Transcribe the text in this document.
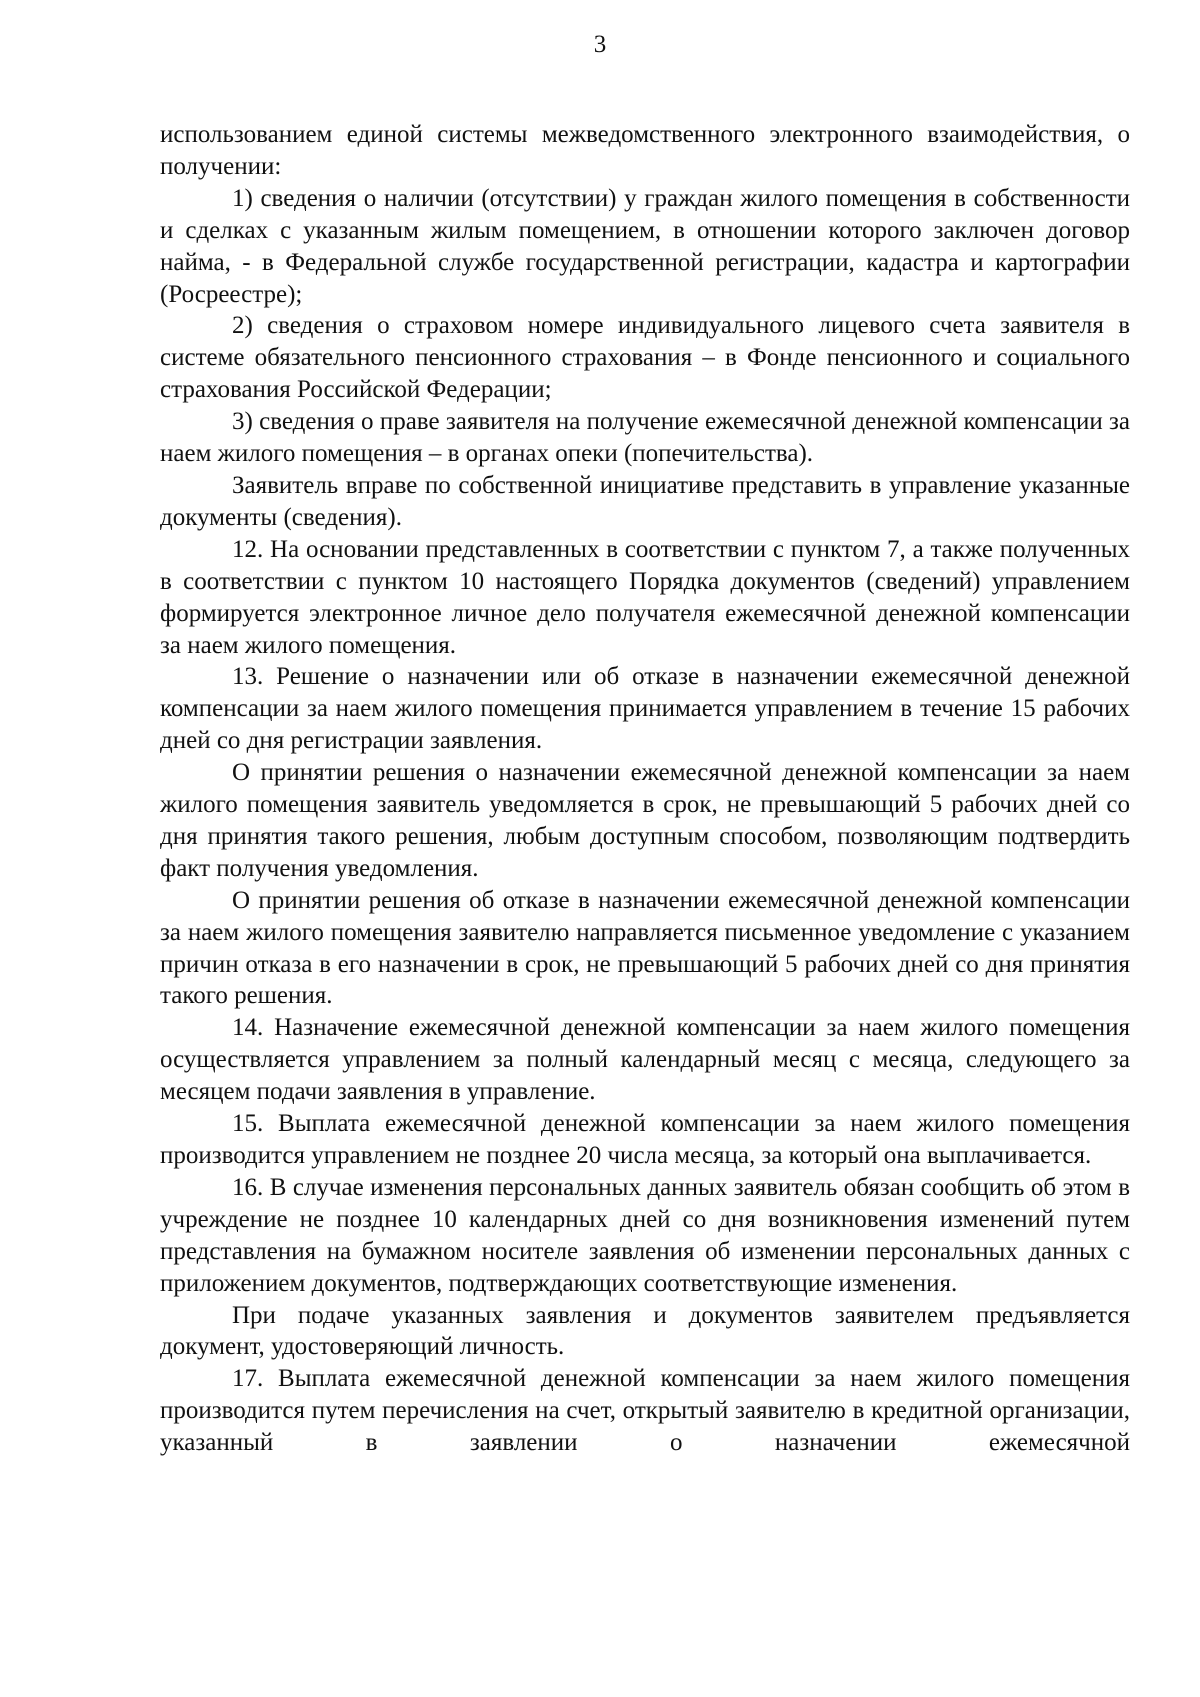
3

использованием единой системы межведомственного электронного взаимодействия, о получении:

1) сведения о наличии (отсутствии) у граждан жилого помещения в собственности и сделках с указанным жилым помещением, в отношении которого заключен договор найма, - в Федеральной службе государственной регистрации, кадастра и картографии (Росреестре);

2) сведения о страховом номере индивидуального лицевого счета заявителя в системе обязательного пенсионного страхования – в Фонде пенсионного и социального страхования Российской Федерации;

3) сведения о праве заявителя на получение ежемесячной денежной компенсации за наем жилого помещения – в органах опеки (попечительства).

Заявитель вправе по собственной инициативе представить в управление указанные документы (сведения).

12. На основании представленных в соответствии с пунктом 7, а также полученных в соответствии с пунктом 10 настоящего Порядка документов (сведений) управлением формируется электронное личное дело получателя ежемесячной денежной компенсации за наем жилого помещения.

13. Решение о назначении или об отказе в назначении ежемесячной денежной компенсации за наем жилого помещения принимается управлением в течение 15 рабочих дней со дня регистрации заявления.

О принятии решения о назначении ежемесячной денежной компенсации за наем жилого помещения заявитель уведомляется в срок, не превышающий 5 рабочих дней со дня принятия такого решения, любым доступным способом, позволяющим подтвердить факт получения уведомления.

О принятии решения об отказе в назначении ежемесячной денежной компенсации за наем жилого помещения заявителю направляется письменное уведомление с указанием причин отказа в его назначении в срок, не превышающий 5 рабочих дней со дня принятия такого решения.

14. Назначение ежемесячной денежной компенсации за наем жилого помещения осуществляется управлением за полный календарный месяц с месяца, следующего за месяцем подачи заявления в управление.

15. Выплата ежемесячной денежной компенсации за наем жилого помещения производится управлением не позднее 20 числа месяца, за который она выплачивается.

16. В случае изменения персональных данных заявитель обязан сообщить об этом в учреждение не позднее 10 календарных дней со дня возникновения изменений путем представления на бумажном носителе заявления об изменении персональных данных с приложением документов, подтверждающих соответствующие изменения.

При подаче указанных заявления и документов заявителем предъявляется документ, удостоверяющий личность.

17. Выплата ежемесячной денежной компенсации за наем жилого помещения производится путем перечисления на счет, открытый заявителю в кредитной организации, указанный в заявлении о назначении ежемесячной
